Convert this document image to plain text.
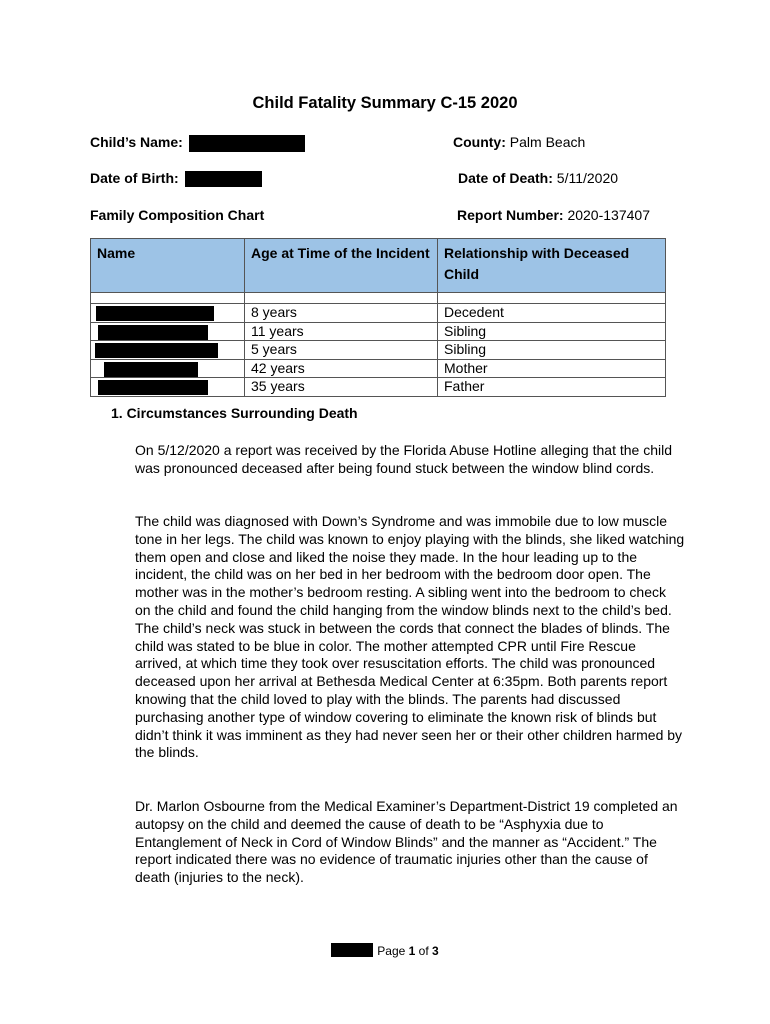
Child Fatality Summary C-15 2020
Child’s Name:	County: Palm Beach
Date of Birth:	Date of Death: 5/11/2020
Family Composition Chart	Report Number: 2020-137407
Name	Age at Time of the Incident	Relationship with Deceased Child

	8 years	Decedent
	11 years	Sibling
	5 years	Sibling
	42 years	Mother
	35 years	Father
1. Circumstances Surrounding Death
On 5/12/2020 a report was received by the Florida Abuse Hotline alleging that the child was pronounced deceased after being found stuck between the window blind cords.
The child was diagnosed with Down’s Syndrome and was immobile due to low muscle tone in her legs. The child was known to enjoy playing with the blinds, she liked watching them open and close and liked the noise they made. In the hour leading up to the incident, the child was on her bed in her bedroom with the bedroom door open. The mother was in the mother’s bedroom resting. A sibling went into the bedroom to check on the child and found the child hanging from the window blinds next to the child’s bed. The child’s neck was stuck in between the cords that connect the blades of blinds. The child was stated to be blue in color. The mother attempted CPR until Fire Rescue arrived, at which time they took over resuscitation efforts. The child was pronounced deceased upon her arrival at Bethesda Medical Center at 6:35pm. Both parents report knowing that the child loved to play with the blinds. The parents had discussed purchasing another type of window covering to eliminate the known risk of blinds but didn’t think it was imminent as they had never seen her or their other children harmed by the blinds.
Dr. Marlon Osbourne from the Medical Examiner’s Department-District 19 completed an autopsy on the child and deemed the cause of death to be “Asphyxia due to Entanglement of Neck in Cord of Window Blinds” and the manner as “Accident.” The report indicated there was no evidence of traumatic injuries other than the cause of death (injuries to the neck).
Page 1 of 3
